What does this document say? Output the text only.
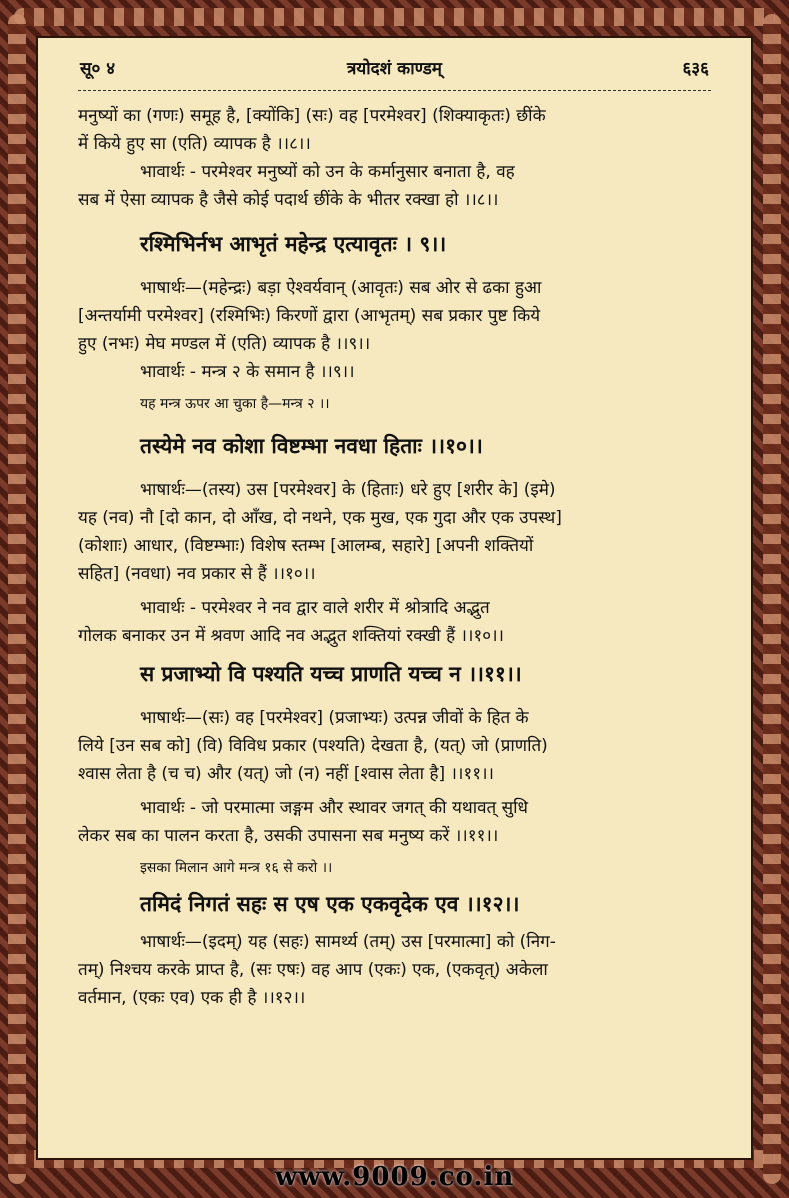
सू० ४	त्रयोदशं काण्डम्	६३६

मनुष्यों का (गणः) समूह है, [क्योंकि] (सः) वह [परमेश्वर] (शिक्याकृतः) छींके

में किये हुए सा (एति) व्यापक है ।।८।।

भावार्थः - परमेश्वर मनुष्यों को उन के कर्मानुसार बनाता है, वह

सब में ऐसा व्यापक है जैसे कोई पदार्थ छींके के भीतर रक्खा हो ।।८।।

रश्मिभिर्नभ आभृतं महेन्द्र एत्यावृतः । ९।।

भाषार्थः—(महेन्द्रः) बड़ा ऐश्वर्यवान् (आवृतः) सब ओर से ढका हुआ

[अन्तर्यामी परमेश्वर] (रश्मिभिः) किरणों द्वारा (आभृतम्) सब प्रकार पुष्ट किये

हुए (नभः) मेघ मण्डल में (एति) व्यापक है ।।९।।

भावार्थः - मन्त्र २ के समान है ।।९।।

यह मन्त्र ऊपर आ चुका है—मन्त्र २ ।।

तस्येमे नव कोशा विष्टम्भा नवधा हिताः ।।१०।।

भाषार्थः—(तस्य) उस [परमेश्वर] के (हिताः) धरे हुए [शरीर के] (इमे)

यह (नव) नौ [दो कान, दो आँख, दो नथने, एक मुख, एक गुदा और एक उपस्थ]

(कोशाः) आधार, (विष्टम्भाः) विशेष स्तम्भ [आलम्ब, सहारे] [अपनी शक्तियों

सहित] (नवधा) नव प्रकार से हैं ।।१०।।

भावार्थः - परमेश्वर ने नव द्वार वाले शरीर में श्रोत्रादि अद्भुत

गोलक बनाकर उन में श्रवण आदि नव अद्भुत शक्तियां रक्खी हैं ।।१०।।

स प्रजाभ्यो वि पश्यति यच्च प्राणति यच्च न ।।११।।

भाषार्थः—(सः) वह [परमेश्वर] (प्रजाभ्यः) उत्पन्न जीवों के हित के

लिये [उन सब को] (वि) विविध प्रकार (पश्यति) देखता है, (यत्) जो (प्राणति)

श्वास लेता है (च च) और (यत्) जो (न) नहीं [श्वास लेता है] ।।११।।

भावार्थः - जो परमात्मा जङ्गम और स्थावर जगत् की यथावत् सुधि

लेकर सब का पालन करता है, उसकी उपासना सब मनुष्य करें ।।११।।

इसका मिलान आगे मन्त्र १६ से करो ।।

तमिदं निगतं सहः स एष एक एकवृदेक एव ।।१२।।

भाषार्थः—(इदम्) यह (सहः) सामर्थ्य (तम्) उस [परमात्मा] को (निग-

तम्) निश्चय करके प्राप्त है, (सः एषः) वह आप (एकः) एक, (एकवृत्) अकेला

वर्तमान, (एकः एव) एक ही है ।।१२।।

www.9009.co.in
